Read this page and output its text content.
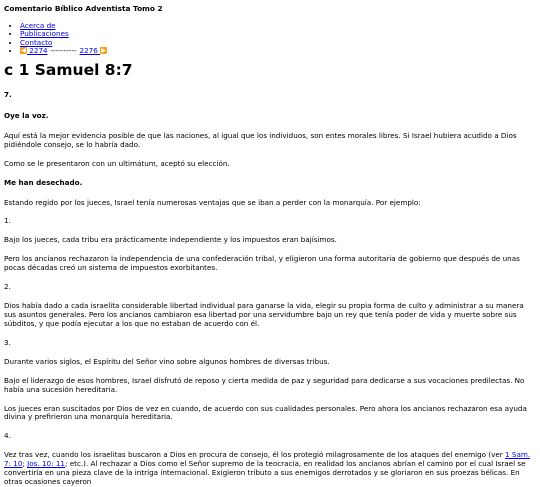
Comentario Bíblico Adventista Tomo 2
• Acerca de
• Publicaciones
• Contacto
• ◀ 2274 ---------- 2276 ▶
c 1 Samuel 8:7
7.
Oye la voz.

Aquí está la mejor evidencia posible de que las naciones, al igual que los individuos, son entes morales libres. Si Israel hubiera acudido a Dios pidiéndole consejo, se lo habría dado.

Como se le presentaron con un ultimátum, aceptó su elección.

Me han desechado.

Estando regido por los jueces, Israel tenía numerosas ventajas que se iban a perder con la monarquía. Por ejemplo:

1.

Bajo los jueces, cada tribu era prácticamente independiente y los impuestos eran bajísimos.

Pero los ancianos rechazaron la independencia de una confederación tribal, y eligieron una forma autoritaria de gobierno que después de unas pocas décadas creó un sistema de impuestos exorbitantes.

2.

Dios había dado a cada israelita considerable libertad individual para ganarse la vida, elegir su propia forma de culto y administrar a su manera sus asuntos generales. Pero los ancianos cambiaron esa libertad por una servidumbre bajo un rey que tenía poder de vida y muerte sobre sus súbditos, y que podía ejecutar a los que no estaban de acuerdo con él.

3.

Durante varios siglos, el Espíritu del Señor vino sobre algunos hombres de diversas tribus.

Bajo el liderazgo de esos hombres, Israel disfrutó de reposo y cierta medida de paz y seguridad para dedicarse a sus vocaciones predilectas. No había una sucesión hereditaria.

Los jueces eran suscitados por Dios de vez en cuando, de acuerdo con sus cualidades personales. Pero ahora los ancianos rechazaron esa ayuda divina y prefirieron una monarquía hereditaria.

4.

Vez tras vez, cuando los israelitas buscaron a Dios en procura de consejo, él los protegió milagrosamente de los ataques del enemigo (ver 1 Sam. 7: 10; Jos. 10: 11; etc.). Al rechazar a Dios como el Señor supremo de la teocracia, en realidad los ancianos abrían el camino por el cual Israel se convertiría en una pieza clave de la intriga internacional. Exigieron tributo a sus enemigos derrotados y se gloriaron en sus proezas bélicas. En otras ocasiones cayeron
